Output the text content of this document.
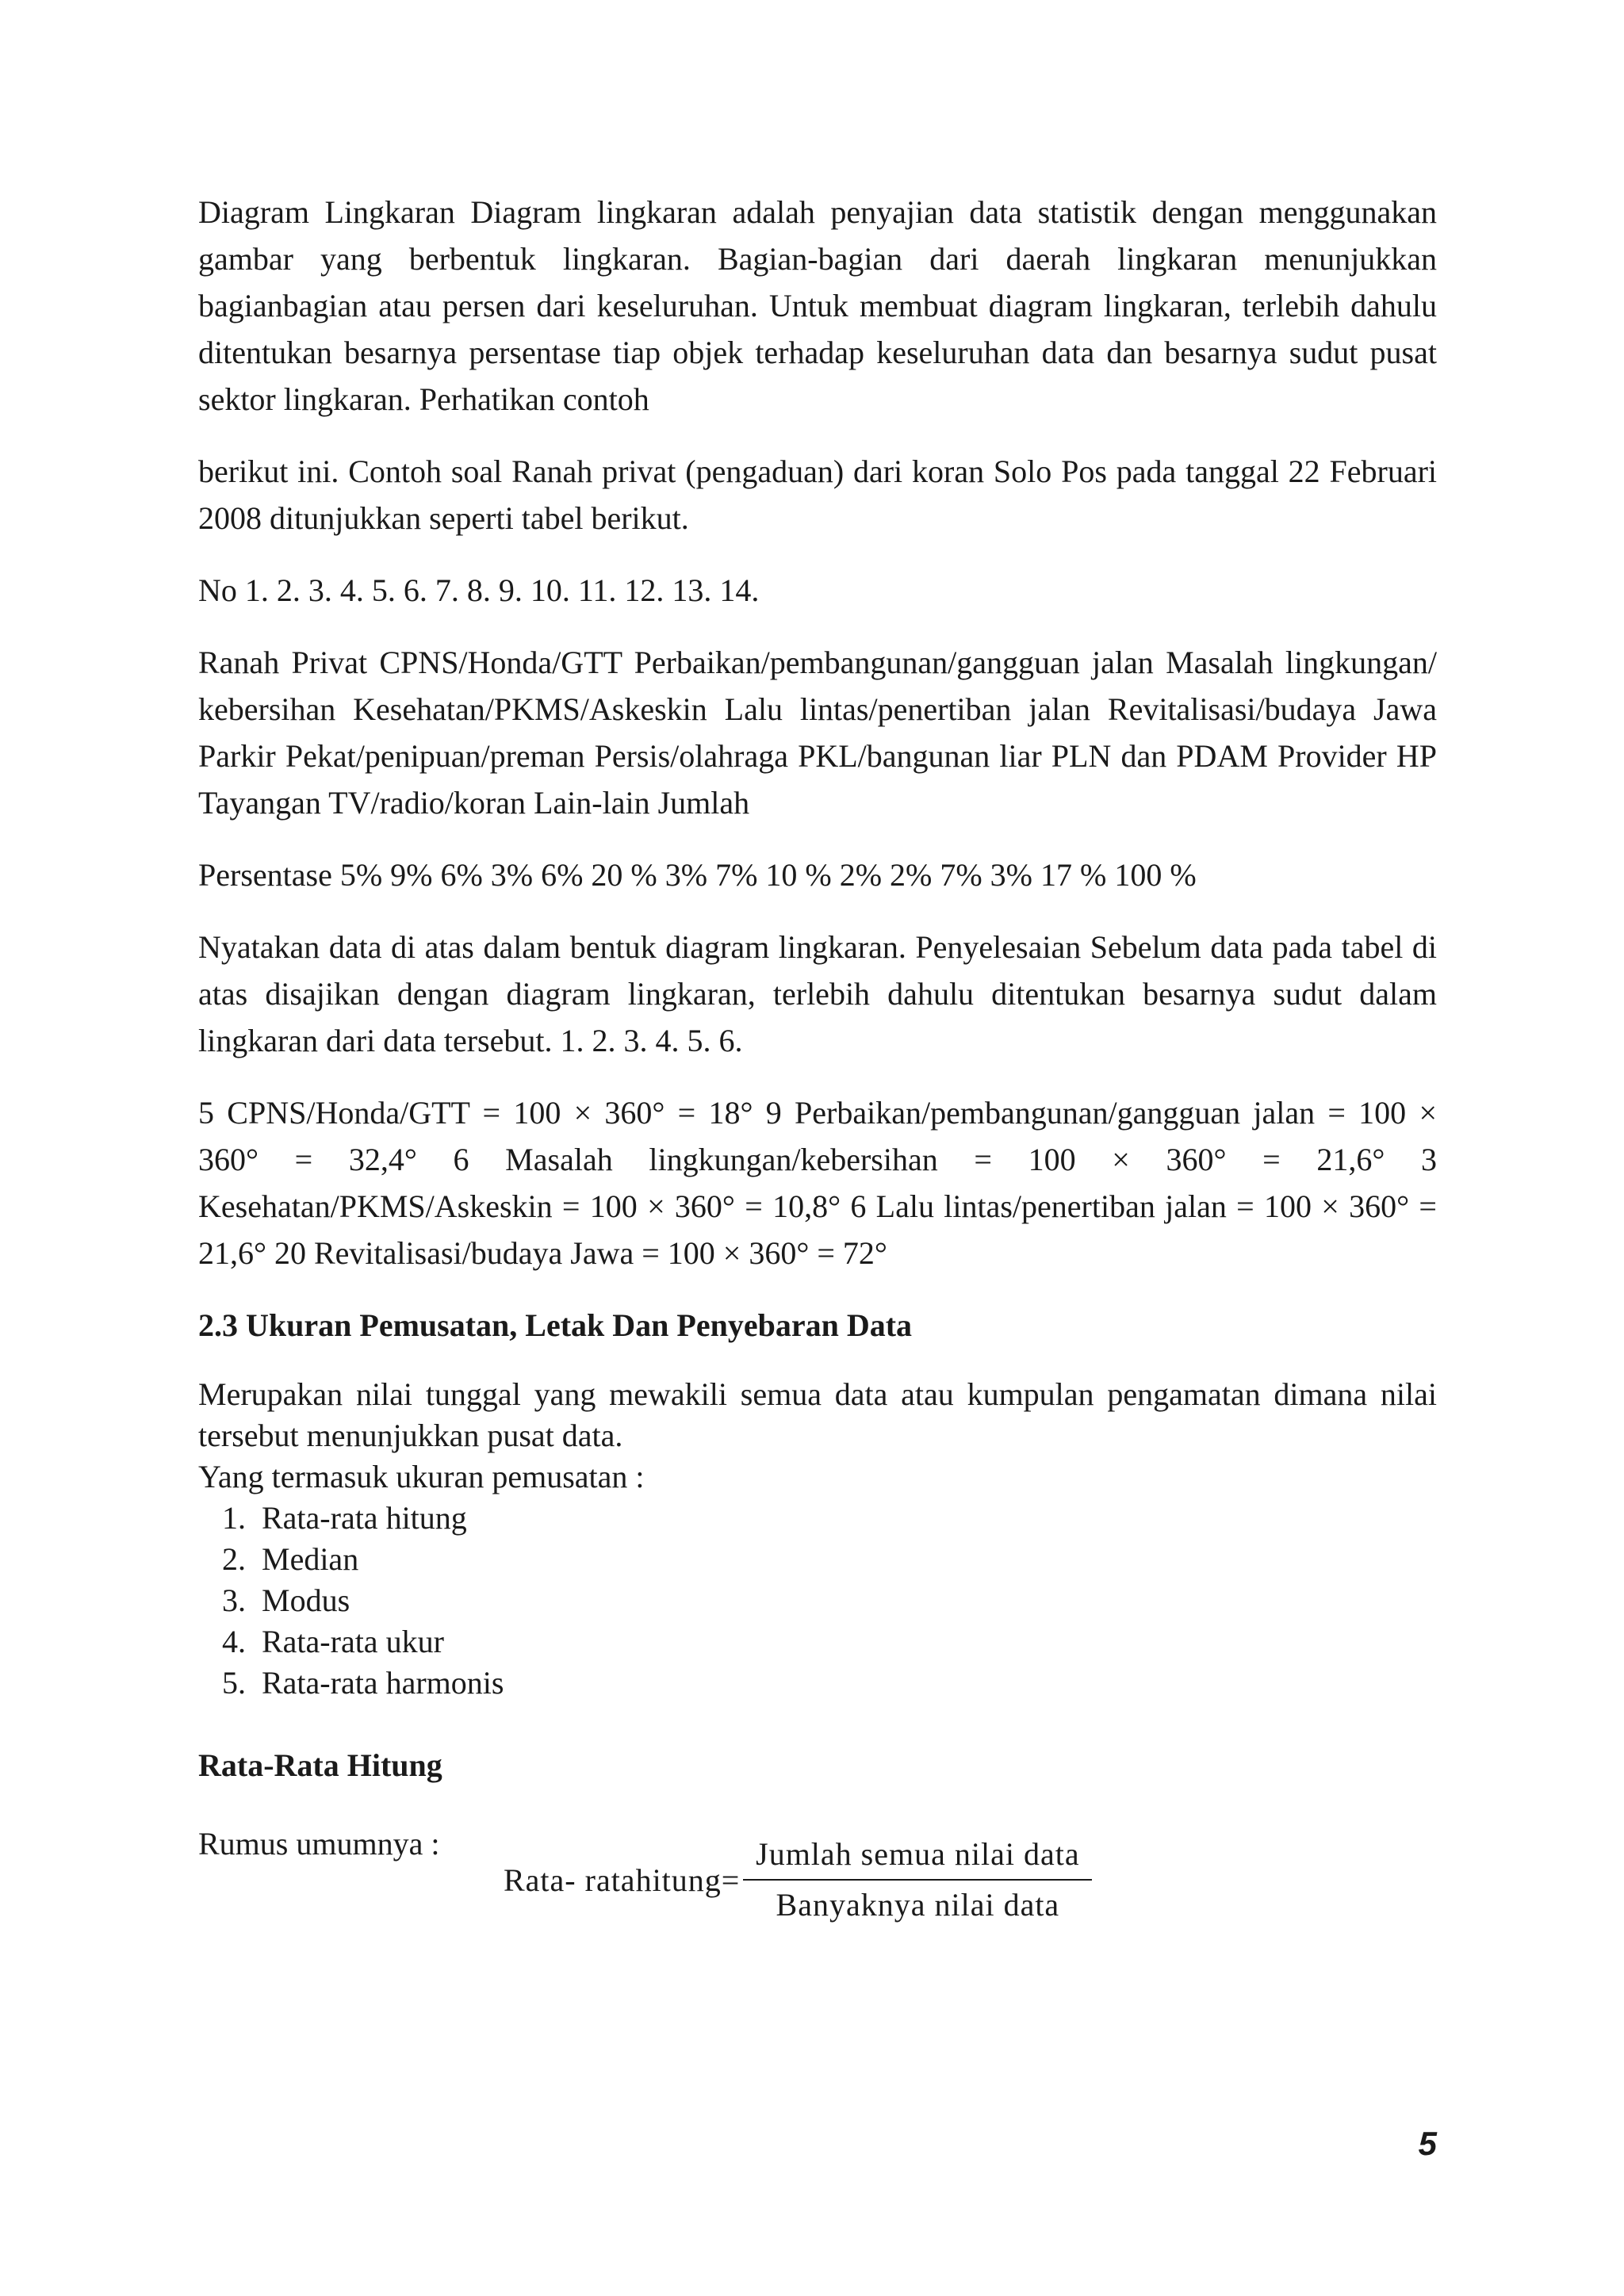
Diagram Lingkaran Diagram lingkaran adalah penyajian data statistik dengan menggunakan gambar yang berbentuk lingkaran. Bagian-bagian dari daerah lingkaran menunjukkan bagianbagian atau persen dari keseluruhan. Untuk membuat diagram lingkaran, terlebih dahulu ditentukan besarnya persentase tiap objek terhadap keseluruhan data dan besarnya sudut pusat sektor lingkaran. Perhatikan contoh

berikut ini. Contoh soal Ranah privat (pengaduan) dari koran Solo Pos pada tanggal 22 Februari 2008 ditunjukkan seperti tabel berikut.

No 1. 2. 3. 4. 5. 6. 7. 8. 9. 10. 11. 12. 13. 14.

Ranah Privat CPNS/Honda/GTT Perbaikan/pembangunan/gangguan jalan Masalah lingkungan/ kebersihan Kesehatan/PKMS/Askeskin Lalu lintas/penertiban jalan Revitalisasi/budaya Jawa Parkir Pekat/penipuan/preman Persis/olahraga PKL/bangunan liar PLN dan PDAM Provider HP Tayangan TV/radio/koran Lain-lain Jumlah

Persentase 5% 9% 6% 3% 6% 20 % 3% 7% 10 % 2% 2% 7% 3% 17 % 100 %

Nyatakan data di atas dalam bentuk diagram lingkaran. Penyelesaian Sebelum data pada tabel di atas disajikan dengan diagram lingkaran, terlebih dahulu ditentukan besarnya sudut dalam lingkaran dari data tersebut. 1. 2. 3. 4. 5. 6.

5 CPNS/Honda/GTT = 100 × 360° = 18° 9 Perbaikan/pembangunan/gangguan jalan = 100 × 360° = 32,4° 6 Masalah lingkungan/kebersihan = 100 × 360° = 21,6° 3 Kesehatan/PKMS/Askeskin = 100 × 360° = 10,8° 6 Lalu lintas/penertiban jalan = 100 × 360° = 21,6° 20 Revitalisasi/budaya Jawa = 100 × 360° = 72°

2.3 Ukuran Pemusatan, Letak Dan Penyebaran Data

Merupakan nilai tunggal yang mewakili semua data atau kumpulan pengamatan dimana nilai tersebut menunjukkan pusat data.

Yang termasuk ukuran pemusatan :

1. Rata-rata hitung
2. Median
3. Modus
4. Rata-rata ukur
5. Rata-rata harmonis

Rata-Rata Hitung

Rumus umumnya :
Rata- ratahitung= $\frac{\text{Jumlah semua nilai data}}{\text{Banyaknya nilai data}}$
5
